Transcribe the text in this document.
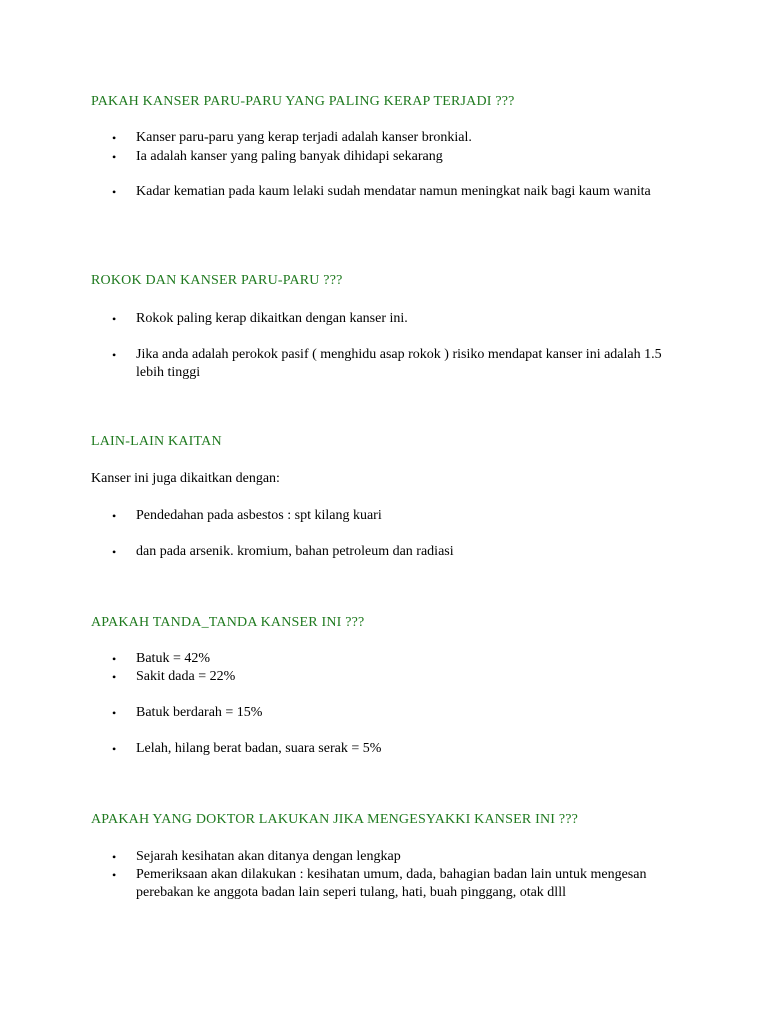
PAKAH KANSER PARU-PARU YANG PALING KERAP TERJADI ???
• Kanser paru-paru yang kerap terjadi adalah kanser bronkial.
• Ia adalah kanser yang paling banyak dihidapi sekarang
• Kadar kematian pada kaum lelaki sudah mendatar namun meningkat naik bagi kaum wanita
ROKOK DAN KANSER PARU-PARU ???
• Rokok paling kerap dikaitkan dengan kanser ini.
• Jika anda adalah perokok pasif ( menghidu asap rokok ) risiko mendapat kanser ini adalah 1.5 lebih tinggi
LAIN-LAIN KAITAN
Kanser ini juga dikaitkan dengan:
• Pendedahan pada asbestos : spt kilang kuari
• dan pada arsenik. kromium, bahan petroleum dan radiasi
APAKAH TANDA_TANDA KANSER INI ???
• Batuk = 42%
• Sakit dada = 22%
• Batuk berdarah = 15%
• Lelah, hilang berat badan, suara serak = 5%
APAKAH YANG DOKTOR LAKUKAN JIKA MENGESYAKKI KANSER INI ???
• Sejarah kesihatan akan ditanya dengan lengkap
• Pemeriksaan akan dilakukan : kesihatan umum, dada, bahagian badan lain untuk mengesan perebakan ke anggota badan lain seperi tulang, hati, buah pinggang, otak dlll
